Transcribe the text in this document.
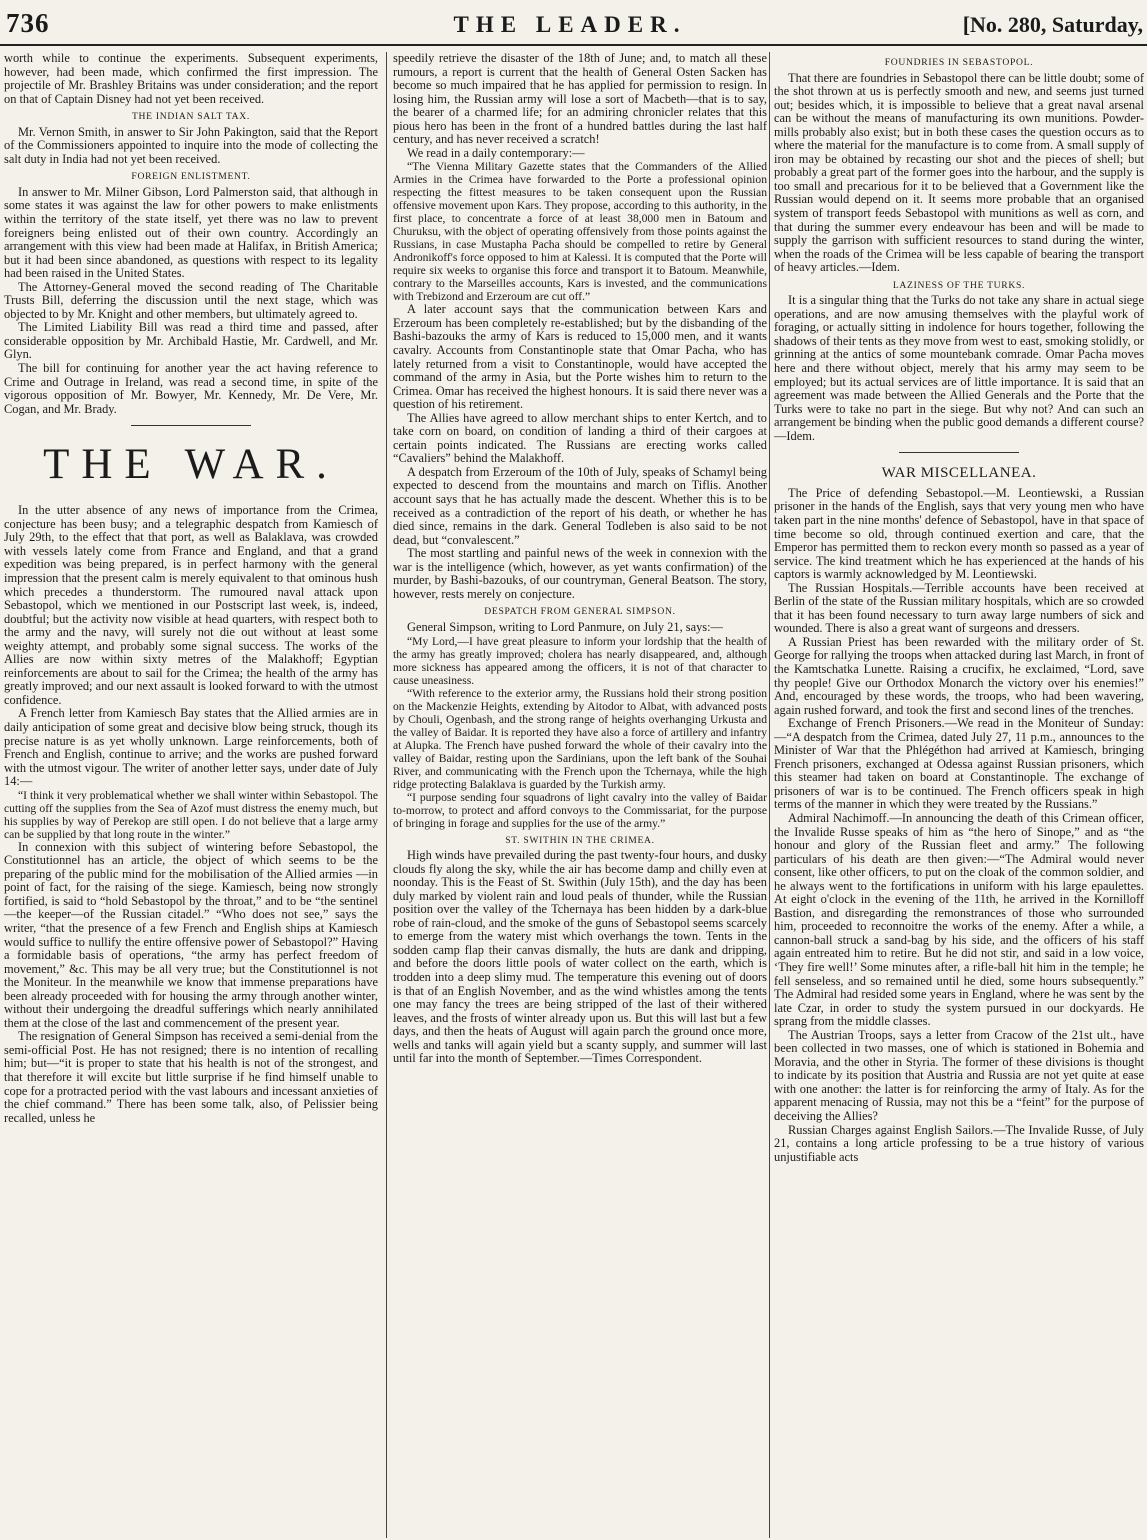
736	THE LEADER.	[No. 280, Saturday,

worth while to continue the experiments. Subsequent experiments, however, had been made, which confirmed the first impression. The projectile of Mr. Brashley Britains was under consideration; and the report on that of Captain Disney had not yet been received.

THE INDIAN SALT TAX.

Mr. Vernon Smith, in answer to Sir John Pakington, said that the Report of the Commissioners appointed to inquire into the mode of collecting the salt duty in India had not yet been received.

FOREIGN ENLISTMENT.

In answer to Mr. Milner Gibson, Lord Palmerston said, that although in some states it was against the law for other powers to make enlistments within the territory of the state itself, yet there was no law to prevent foreigners being enlisted out of their own country. Accordingly an arrangement with this view had been made at Halifax, in British America; but it had been since abandoned, as questions with respect to its legality had been raised in the United States.

The Attorney-General moved the second reading of The Charitable Trusts Bill, deferring the discussion until the next stage, which was objected to by Mr. Knight and other members, but ultimately agreed to.

The Limited Liability Bill was read a third time and passed, after considerable opposition by Mr. Archibald Hastie, Mr. Cardwell, and Mr. Glyn.

The bill for continuing for another year the act having reference to Crime and Outrage in Ireland, was read a second time, in spite of the vigorous opposition of Mr. Bowyer, Mr. Kennedy, Mr. De Vere, Mr. Cogan, and Mr. Brady.

THE WAR.

In the utter absence of any news of importance from the Crimea, conjecture has been busy; and a telegraphic despatch from Kamiesch of July 29th, to the effect that that port, as well as Balaklava, was crowded with vessels lately come from France and England, and that a grand expedition was being prepared, is in perfect harmony with the general impression that the present calm is merely equivalent to that ominous hush which precedes a thunderstorm. The rumoured naval attack upon Sebastopol, which we mentioned in our Postscript last week, is, indeed, doubtful; but the activity now visible at head quarters, with respect both to the army and the navy, will surely not die out without at least some weighty attempt, and probably some signal success. The works of the Allies are now within sixty metres of the Malakhoff; Egyptian reinforcements are about to sail for the Crimea; the health of the army has greatly improved; and our next assault is looked forward to with the utmost confidence.

A French letter from Kamiesch Bay states that the Allied armies are in daily anticipation of some great and decisive blow being struck, though its precise nature is as yet wholly unknown. Large reinforcements, both of French and English, continue to arrive; and the works are pushed forward with the utmost vigour. The writer of another letter says, under date of July 14:—

“I think it very problematical whether we shall winter within Sebastopol. The cutting off the supplies from the Sea of Azof must distress the enemy much, but his supplies by way of Perekop are still open. I do not believe that a large army can be supplied by that long route in the winter.”

In connexion with this subject of wintering before Sebastopol, the Constitutionnel has an article, the object of which seems to be the preparing of the public mind for the mobilisation of the Allied armies —in point of fact, for the raising of the siege. Kamiesch, being now strongly fortified, is said to “hold Sebastopol by the throat,” and to be “the sentinel—the keeper—of the Russian citadel.” “Who does not see,” says the writer, “that the presence of a few French and English ships at Kamiesch would suffice to nullify the entire offensive power of Sebastopol?” Having a formidable basis of operations, “the army has perfect freedom of movement,” &c. This may be all very true; but the Constitutionnel is not the Moniteur. In the meanwhile we know that immense preparations have been already proceeded with for housing the army through another winter, without their undergoing the dreadful sufferings which nearly annihilated them at the close of the last and commencement of the present year.

The resignation of General Simpson has received a semi-denial from the semi-official Post. He has not resigned; there is no intention of recalling him; but—“it is proper to state that his health is not of the strongest, and that therefore it will excite but little surprise if he find himself unable to cope for a protracted period with the vast labours and incessant anxieties of the chief command.” There has been some talk, also, of Pelissier being recalled, unless he

speedily retrieve the disaster of the 18th of June; and, to match all these rumours, a report is current that the health of General Osten Sacken has become so much impaired that he has applied for permission to resign. In losing him, the Russian army will lose a sort of Macbeth—that is to say, the bearer of a charmed life; for an admiring chronicler relates that this pious hero has been in the front of a hundred battles during the last half century, and has never received a scratch!

We read in a daily contemporary:—

“The Vienna Military Gazette states that the Commanders of the Allied Armies in the Crimea have forwarded to the Porte a professional opinion respecting the fittest measures to be taken consequent upon the Russian offensive movement upon Kars. They propose, according to this authority, in the first place, to concentrate a force of at least 38,000 men in Batoum and Churuksu, with the object of operating offensively from those points against the Russians, in case Mustapha Pacha should be compelled to retire by General Andronikoff's force opposed to him at Kalessi. It is computed that the Porte will require six weeks to organise this force and transport it to Batoum. Meanwhile, contrary to the Marseilles accounts, Kars is invested, and the communications with Trebizond and Erzeroum are cut off.”

A later account says that the communication between Kars and Erzeroum has been completely re-established; but by the disbanding of the Bashi-bazouks the army of Kars is reduced to 15,000 men, and it wants cavalry. Accounts from Constantinople state that Omar Pacha, who has lately returned from a visit to Constantinople, would have accepted the command of the army in Asia, but the Porte wishes him to return to the Crimea. Omar has received the highest honours. It is said there never was a question of his retirement.

The Allies have agreed to allow merchant ships to enter Kertch, and to take corn on board, on condition of landing a third of their cargoes at certain points indicated. The Russians are erecting works called “Cavaliers” behind the Malakhoff.

A despatch from Erzeroum of the 10th of July, speaks of Schamyl being expected to descend from the mountains and march on Tiflis. Another account says that he has actually made the descent. Whether this is to be received as a contradiction of the report of his death, or whether he has died since, remains in the dark. General Todleben is also said to be not dead, but “convalescent.”

The most startling and painful news of the week in connexion with the war is the intelligence (which, however, as yet wants confirmation) of the murder, by Bashi-bazouks, of our countryman, General Beatson. The story, however, rests merely on conjecture.

DESPATCH FROM GENERAL SIMPSON.

General Simpson, writing to Lord Panmure, on July 21, says:—

“My Lord,—I have great pleasure to inform your lordship that the health of the army has greatly improved; cholera has nearly disappeared, and, although more sickness has appeared among the officers, it is not of that character to cause uneasiness.

“With reference to the exterior army, the Russians hold their strong position on the Mackenzie Heights, extending by Aitodor to Albat, with advanced posts by Chouli, Ogenbash, and the strong range of heights overhanging Urkusta and the valley of Baidar. It is reported they have also a force of artillery and infantry at Alupka. The French have pushed forward the whole of their cavalry into the valley of Baidar, resting upon the Sardinians, upon the left bank of the Souhai River, and communicating with the French upon the Tchernaya, while the high ridge protecting Balaklava is guarded by the Turkish army.

“I purpose sending four squadrons of light cavalry into the valley of Baidar to-morrow, to protect and afford convoys to the Commissariat, for the purpose of bringing in forage and supplies for the use of the army.”

ST. SWITHIN IN THE CRIMEA.

High winds have prevailed during the past twenty-four hours, and dusky clouds fly along the sky, while the air has become damp and chilly even at noonday. This is the Feast of St. Swithin (July 15th), and the day has been duly marked by violent rain and loud peals of thunder, while the Russian position over the valley of the Tchernaya has been hidden by a dark-blue robe of rain-cloud, and the smoke of the guns of Sebastopol seems scarcely to emerge from the watery mist which overhangs the town. Tents in the sodden camp flap their canvas dismally, the huts are dank and dripping, and before the doors little pools of water collect on the earth, which is trodden into a deep slimy mud. The temperature this evening out of doors is that of an English November, and as the wind whistles among the tents one may fancy the trees are being stripped of the last of their withered leaves, and the frosts of winter already upon us. But this will last but a few days, and then the heats of August will again parch the ground once more, wells and tanks will again yield but a scanty supply, and summer will last until far into the month of September.—Times Correspondent.

FOUNDRIES IN SEBASTOPOL.

That there are foundries in Sebastopol there can be little doubt; some of the shot thrown at us is perfectly smooth and new, and seems just turned out; besides which, it is impossible to believe that a great naval arsenal can be without the means of manufacturing its own munitions. Powder-mills probably also exist; but in both these cases the question occurs as to where the material for the manufacture is to come from. A small supply of iron may be obtained by recasting our shot and the pieces of shell; but probably a great part of the former goes into the harbour, and the supply is too small and precarious for it to be believed that a Government like the Russian would depend on it. It seems more probable that an organised system of transport feeds Sebastopol with munitions as well as corn, and that during the summer every endeavour has been and will be made to supply the garrison with sufficient resources to stand during the winter, when the roads of the Crimea will be less capable of bearing the transport of heavy articles.—Idem.

LAZINESS OF THE TURKS.

It is a singular thing that the Turks do not take any share in actual siege operations, and are now amusing themselves with the playful work of foraging, or actually sitting in indolence for hours together, following the shadows of their tents as they move from west to east, smoking stolidly, or grinning at the antics of some mountebank comrade. Omar Pacha moves here and there without object, merely that his army may seem to be employed; but its actual services are of little importance. It is said that an agreement was made between the Allied Generals and the Porte that the Turks were to take no part in the siege. But why not? And can such an arrangement be binding when the public good demands a different course?—Idem.

WAR MISCELLANEA.

The Price of defending Sebastopol.—M. Leontiewski, a Russian prisoner in the hands of the English, says that very young men who have taken part in the nine months' defence of Sebastopol, have in that space of time become so old, through continued exertion and care, that the Emperor has permitted them to reckon every month so passed as a year of service. The kind treatment which he has experienced at the hands of his captors is warmly acknowledged by M. Leontiewski.

The Russian Hospitals.—Terrible accounts have been received at Berlin of the state of the Russian military hospitals, which are so crowded that it has been found necessary to turn away large numbers of sick and wounded. There is also a great want of surgeons and dressers.

A Russian Priest has been rewarded with the military order of St. George for rallying the troops when attacked during last March, in front of the Kamtschatka Lunette. Raising a crucifix, he exclaimed, “Lord, save thy people! Give our Orthodox Monarch the victory over his enemies!” And, encouraged by these words, the troops, who had been wavering, again rushed forward, and took the first and second lines of the trenches.

Exchange of French Prisoners.—We read in the Moniteur of Sunday:—“A despatch from the Crimea, dated July 27, 11 p.m., announces to the Minister of War that the Phlégéthon had arrived at Kamiesch, bringing French prisoners, exchanged at Odessa against Russian prisoners, which this steamer had taken on board at Constantinople. The exchange of prisoners of war is to be continued. The French officers speak in high terms of the manner in which they were treated by the Russians.”

Admiral Nachimoff.—In announcing the death of this Crimean officer, the Invalide Russe speaks of him as “the hero of Sinope,” and as “the honour and glory of the Russian fleet and army.” The following particulars of his death are then given:—“The Admiral would never consent, like other officers, to put on the cloak of the common soldier, and he always went to the fortifications in uniform with his large epaulettes. At eight o'clock in the evening of the 11th, he arrived in the Kornilloff Bastion, and disregarding the remonstrances of those who surrounded him, proceeded to reconnoitre the works of the enemy. After a while, a cannon-ball struck a sand-bag by his side, and the officers of his staff again entreated him to retire. But he did not stir, and said in a low voice, ‘They fire well!’ Some minutes after, a rifle-ball hit him in the temple; he fell senseless, and so remained until he died, some hours subsequently.” The Admiral had resided some years in England, where he was sent by the late Czar, in order to study the system pursued in our dockyards. He sprang from the middle classes.

The Austrian Troops, says a letter from Cracow of the 21st ult., have been collected in two masses, one of which is stationed in Bohemia and Moravia, and the other in Styria. The former of these divisions is thought to indicate by its position that Austria and Russia are not yet quite at ease with one another: the latter is for reinforcing the army of Italy. As for the apparent menacing of Russia, may not this be a “feint” for the purpose of deceiving the Allies?

Russian Charges against English Sailors.—The Invalide Russe, of July 21, contains a long article professing to be a true history of various unjustifiable acts
